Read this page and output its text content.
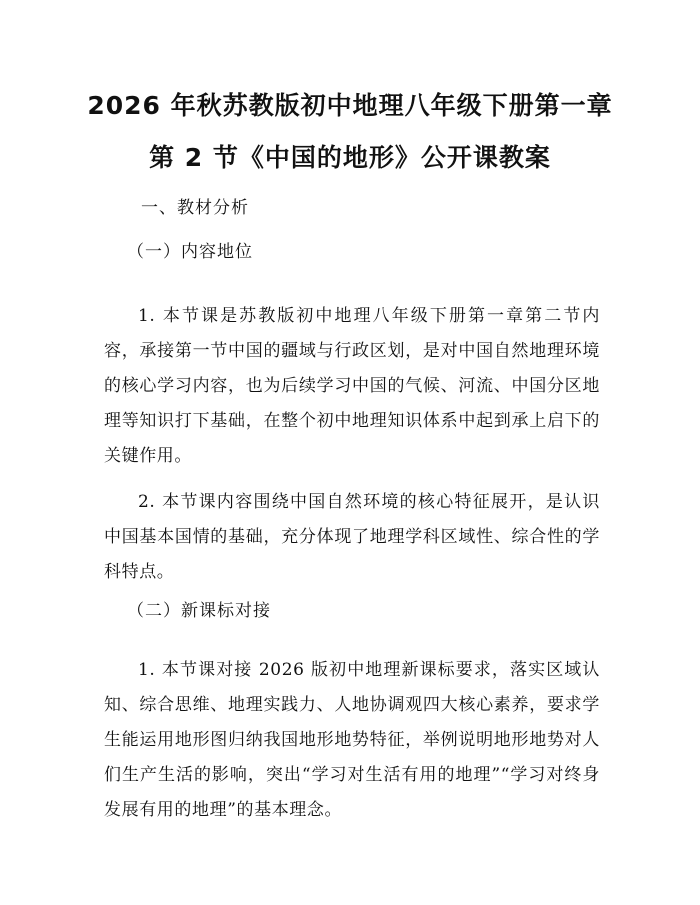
2026 年秋苏教版初中地理八年级下册第一章
第 2 节《中国的地形》公开课教案
一、教材分析
（一）内容地位

1. 本节课是苏教版初中地理八年级下册第一章第二节内容，承接第一节中国的疆域与行政区划，是对中国自然地理环境的核心学习内容，也为后续学习中国的气候、河流、中国分区地理等知识打下基础，在整个初中地理知识体系中起到承上启下的关键作用。

2. 本节课内容围绕中国自然环境的核心特征展开，是认识中国基本国情的基础，充分体现了地理学科区域性、综合性的学科特点。

（二）新课标对接

1. 本节课对接 2026 版初中地理新课标要求，落实区域认知、综合思维、地理实践力、人地协调观四大核心素养，要求学生能运用地形图归纳我国地形地势特征，举例说明地形地势对人们生产生活的影响，突出“学习对生活有用的地理”“学习对终身发展有用的地理”的基本理念。
